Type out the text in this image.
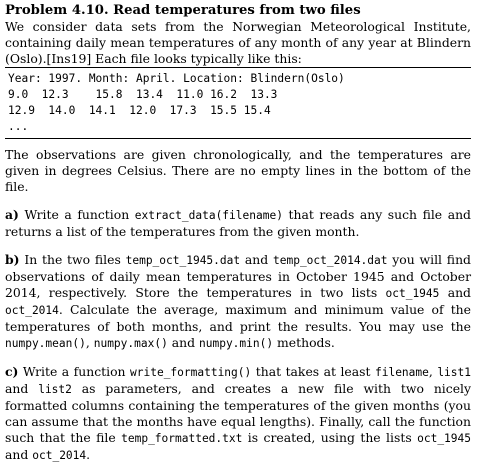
Problem 4.10. Read temperatures from two files

We consider data sets from the Norwegian Meteorological Institute, containing daily mean temperatures of any month of any year at Blindern (Oslo).[Ins19] Each file looks typically like this:

Year: 1997. Month: April. Location: Blindern(Oslo)
9.0  12.3    15.8  13.4  11.0 16.2  13.3
12.9  14.0  14.1  12.0  17.3  15.5 15.4
...

The observations are given chronologically, and the temperatures are given in degrees Celsius. There are no empty lines in the bottom of the file.

a) Write a function extract_data(filename) that reads any such file and returns a list of the temperatures from the given month.

b) In the two files temp_oct_1945.dat and temp_oct_2014.dat you will find observations of daily mean temperatures in October 1945 and October 2014, respectively. Store the temperatures in two lists oct_1945 and oct_2014. Calculate the average, maximum and minimum value of the temperatures of both months, and print the results. You may use the numpy.mean(), numpy.max() and numpy.min() methods.

c) Write a function write_formatting() that takes at least filename, list1 and list2 as parameters, and creates a new file with two nicely formatted columns containing the temperatures of the given months (you can assume that the months have equal lengths). Finally, call the function such that the file temp_formatted.txt is created, using the lists oct_1945 and oct_2014.
